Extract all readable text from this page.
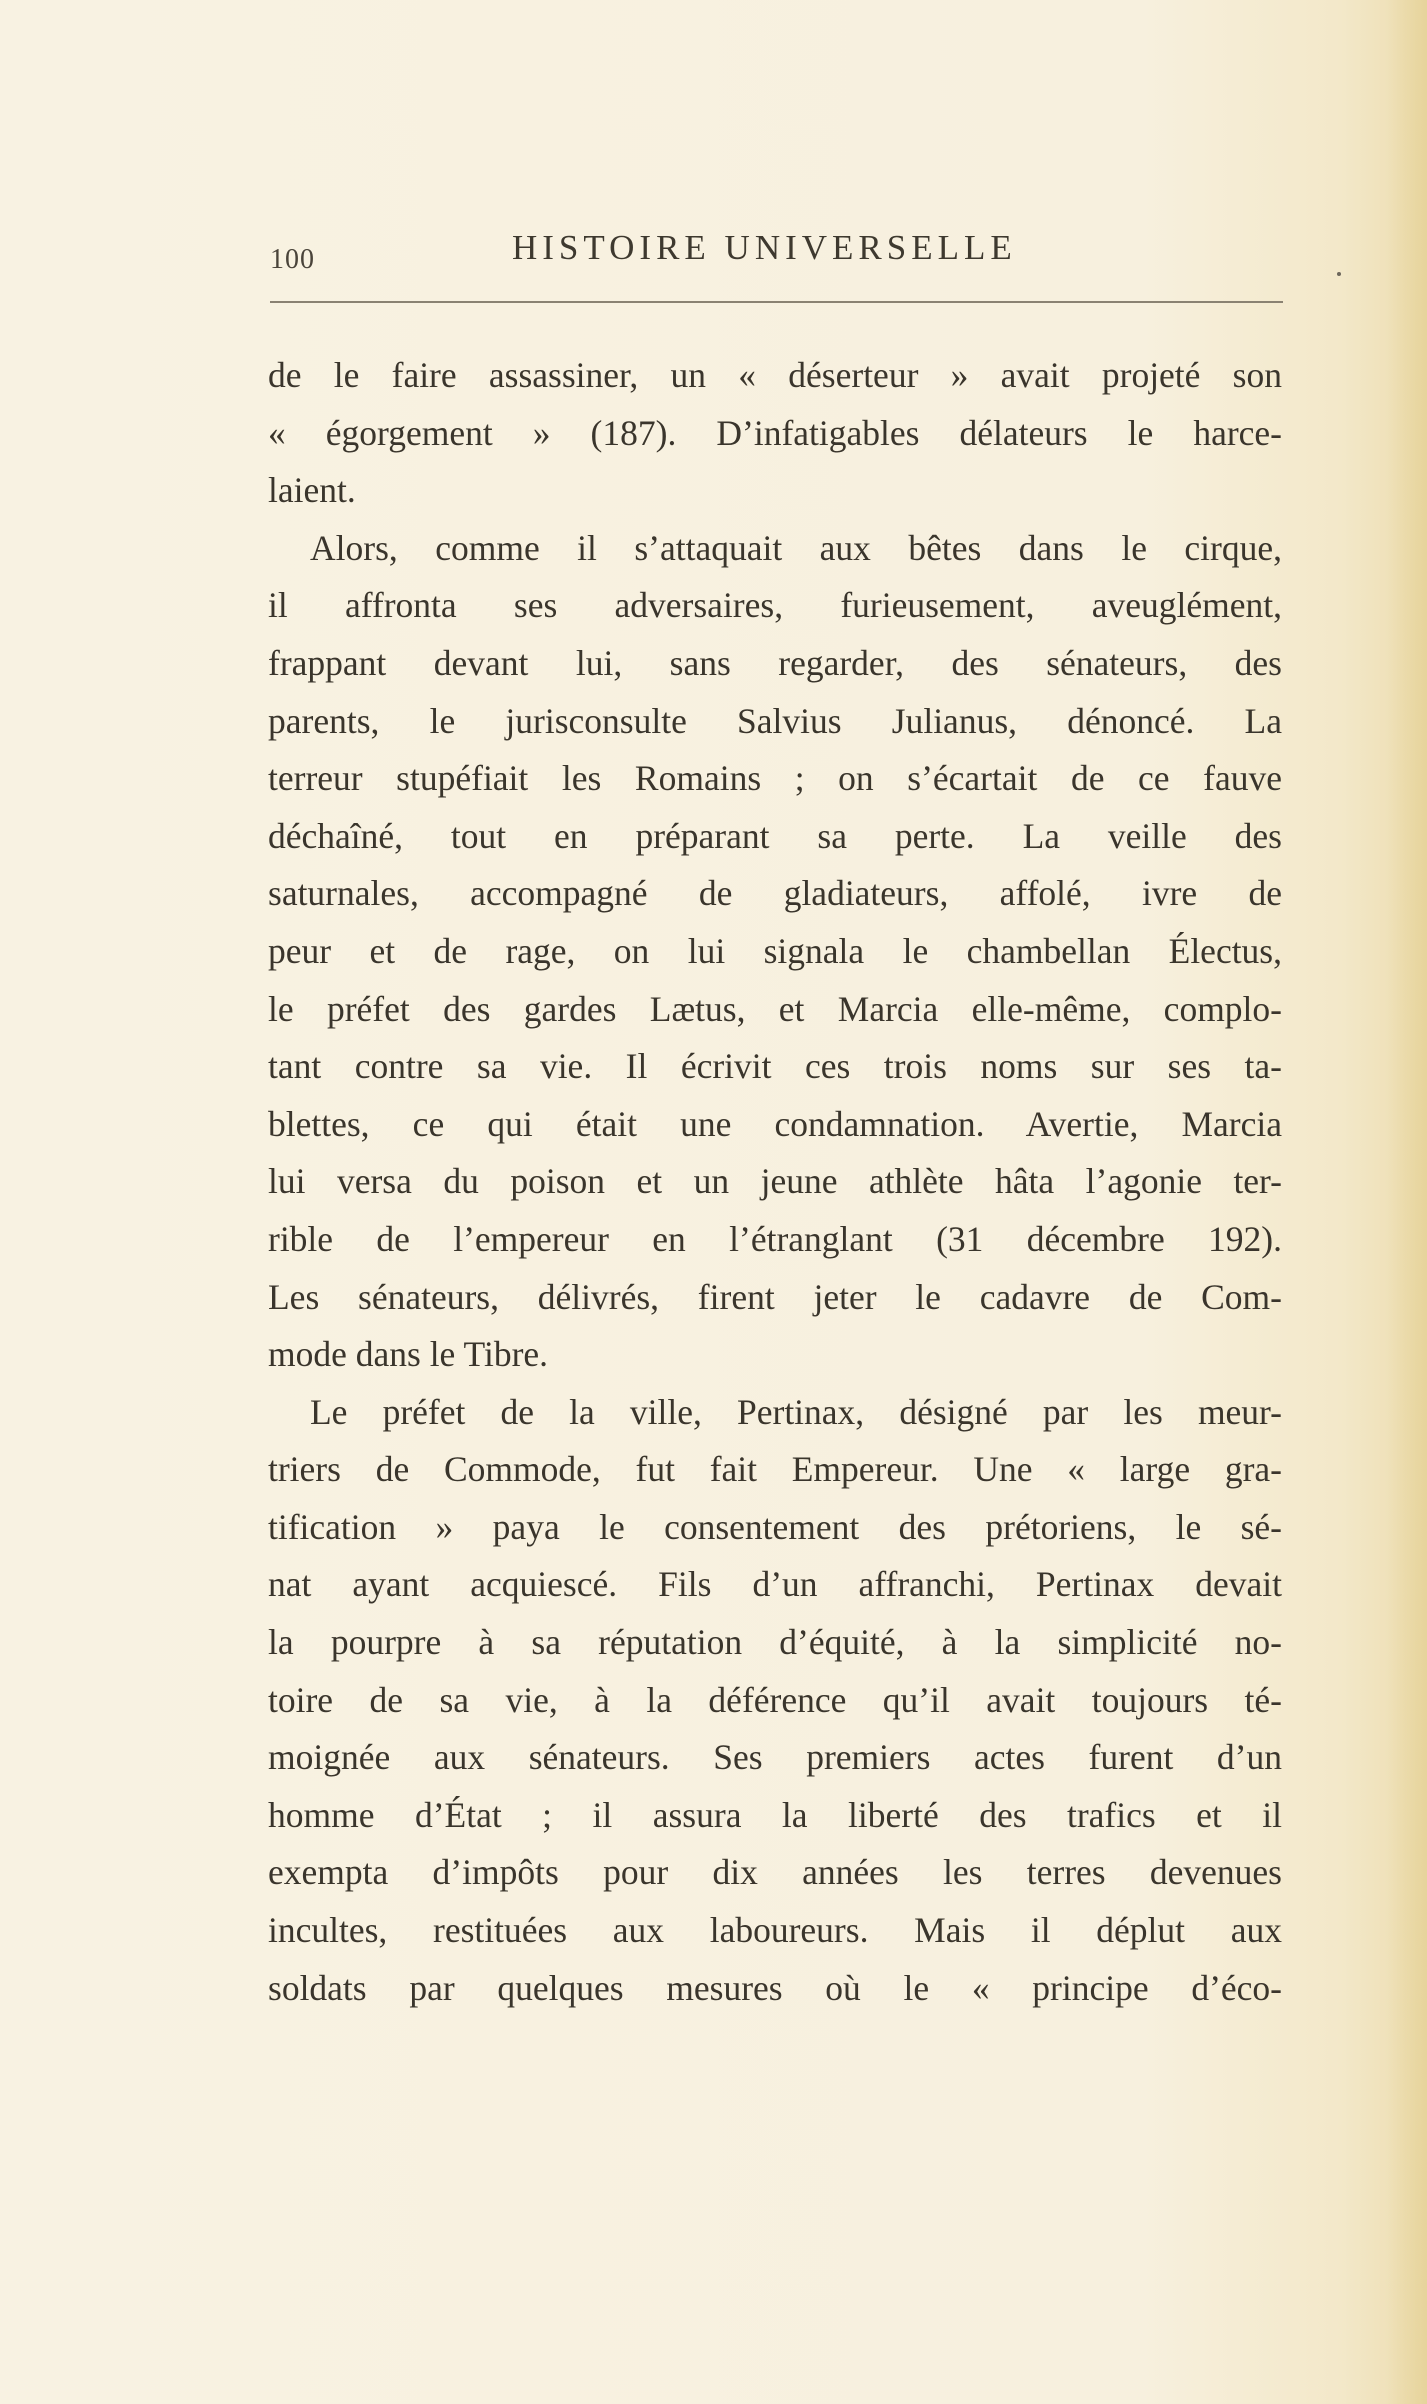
100	HISTOIRE UNIVERSELLE
de le faire assassiner, un « déserteur » avait projeté son
« égorgement » (187). D’infatigables délateurs le harce-
laient.
Alors, comme il s’attaquait aux bêtes dans le cirque,
il affronta ses adversaires, furieusement, aveuglément,
frappant devant lui, sans regarder, des sénateurs, des
parents, le jurisconsulte Salvius Julianus, dénoncé. La
terreur stupéfiait les Romains ; on s’écartait de ce fauve
déchaîné, tout en préparant sa perte. La veille des
saturnales, accompagné de gladiateurs, affolé, ivre de
peur et de rage, on lui signala le chambellan Électus,
le préfet des gardes Lætus, et Marcia elle-même, complo-
tant contre sa vie. Il écrivit ces trois noms sur ses ta-
blettes, ce qui était une condamnation. Avertie, Marcia
lui versa du poison et un jeune athlète hâta l’agonie ter-
rible de l’empereur en l’étranglant (31 décembre 192).
Les sénateurs, délivrés, firent jeter le cadavre de Com-
mode dans le Tibre.
Le préfet de la ville, Pertinax, désigné par les meur-
triers de Commode, fut fait Empereur. Une « large gra-
tification » paya le consentement des prétoriens, le sé-
nat ayant acquiescé. Fils d’un affranchi, Pertinax devait
la pourpre à sa réputation d’équité, à la simplicité no-
toire de sa vie, à la déférence qu’il avait toujours té-
moignée aux sénateurs. Ses premiers actes furent d’un
homme d’État ; il assura la liberté des trafics et il
exempta d’impôts pour dix années les terres devenues
incultes, restituées aux laboureurs. Mais il déplut aux
soldats par quelques mesures où le « principe d’éco-
